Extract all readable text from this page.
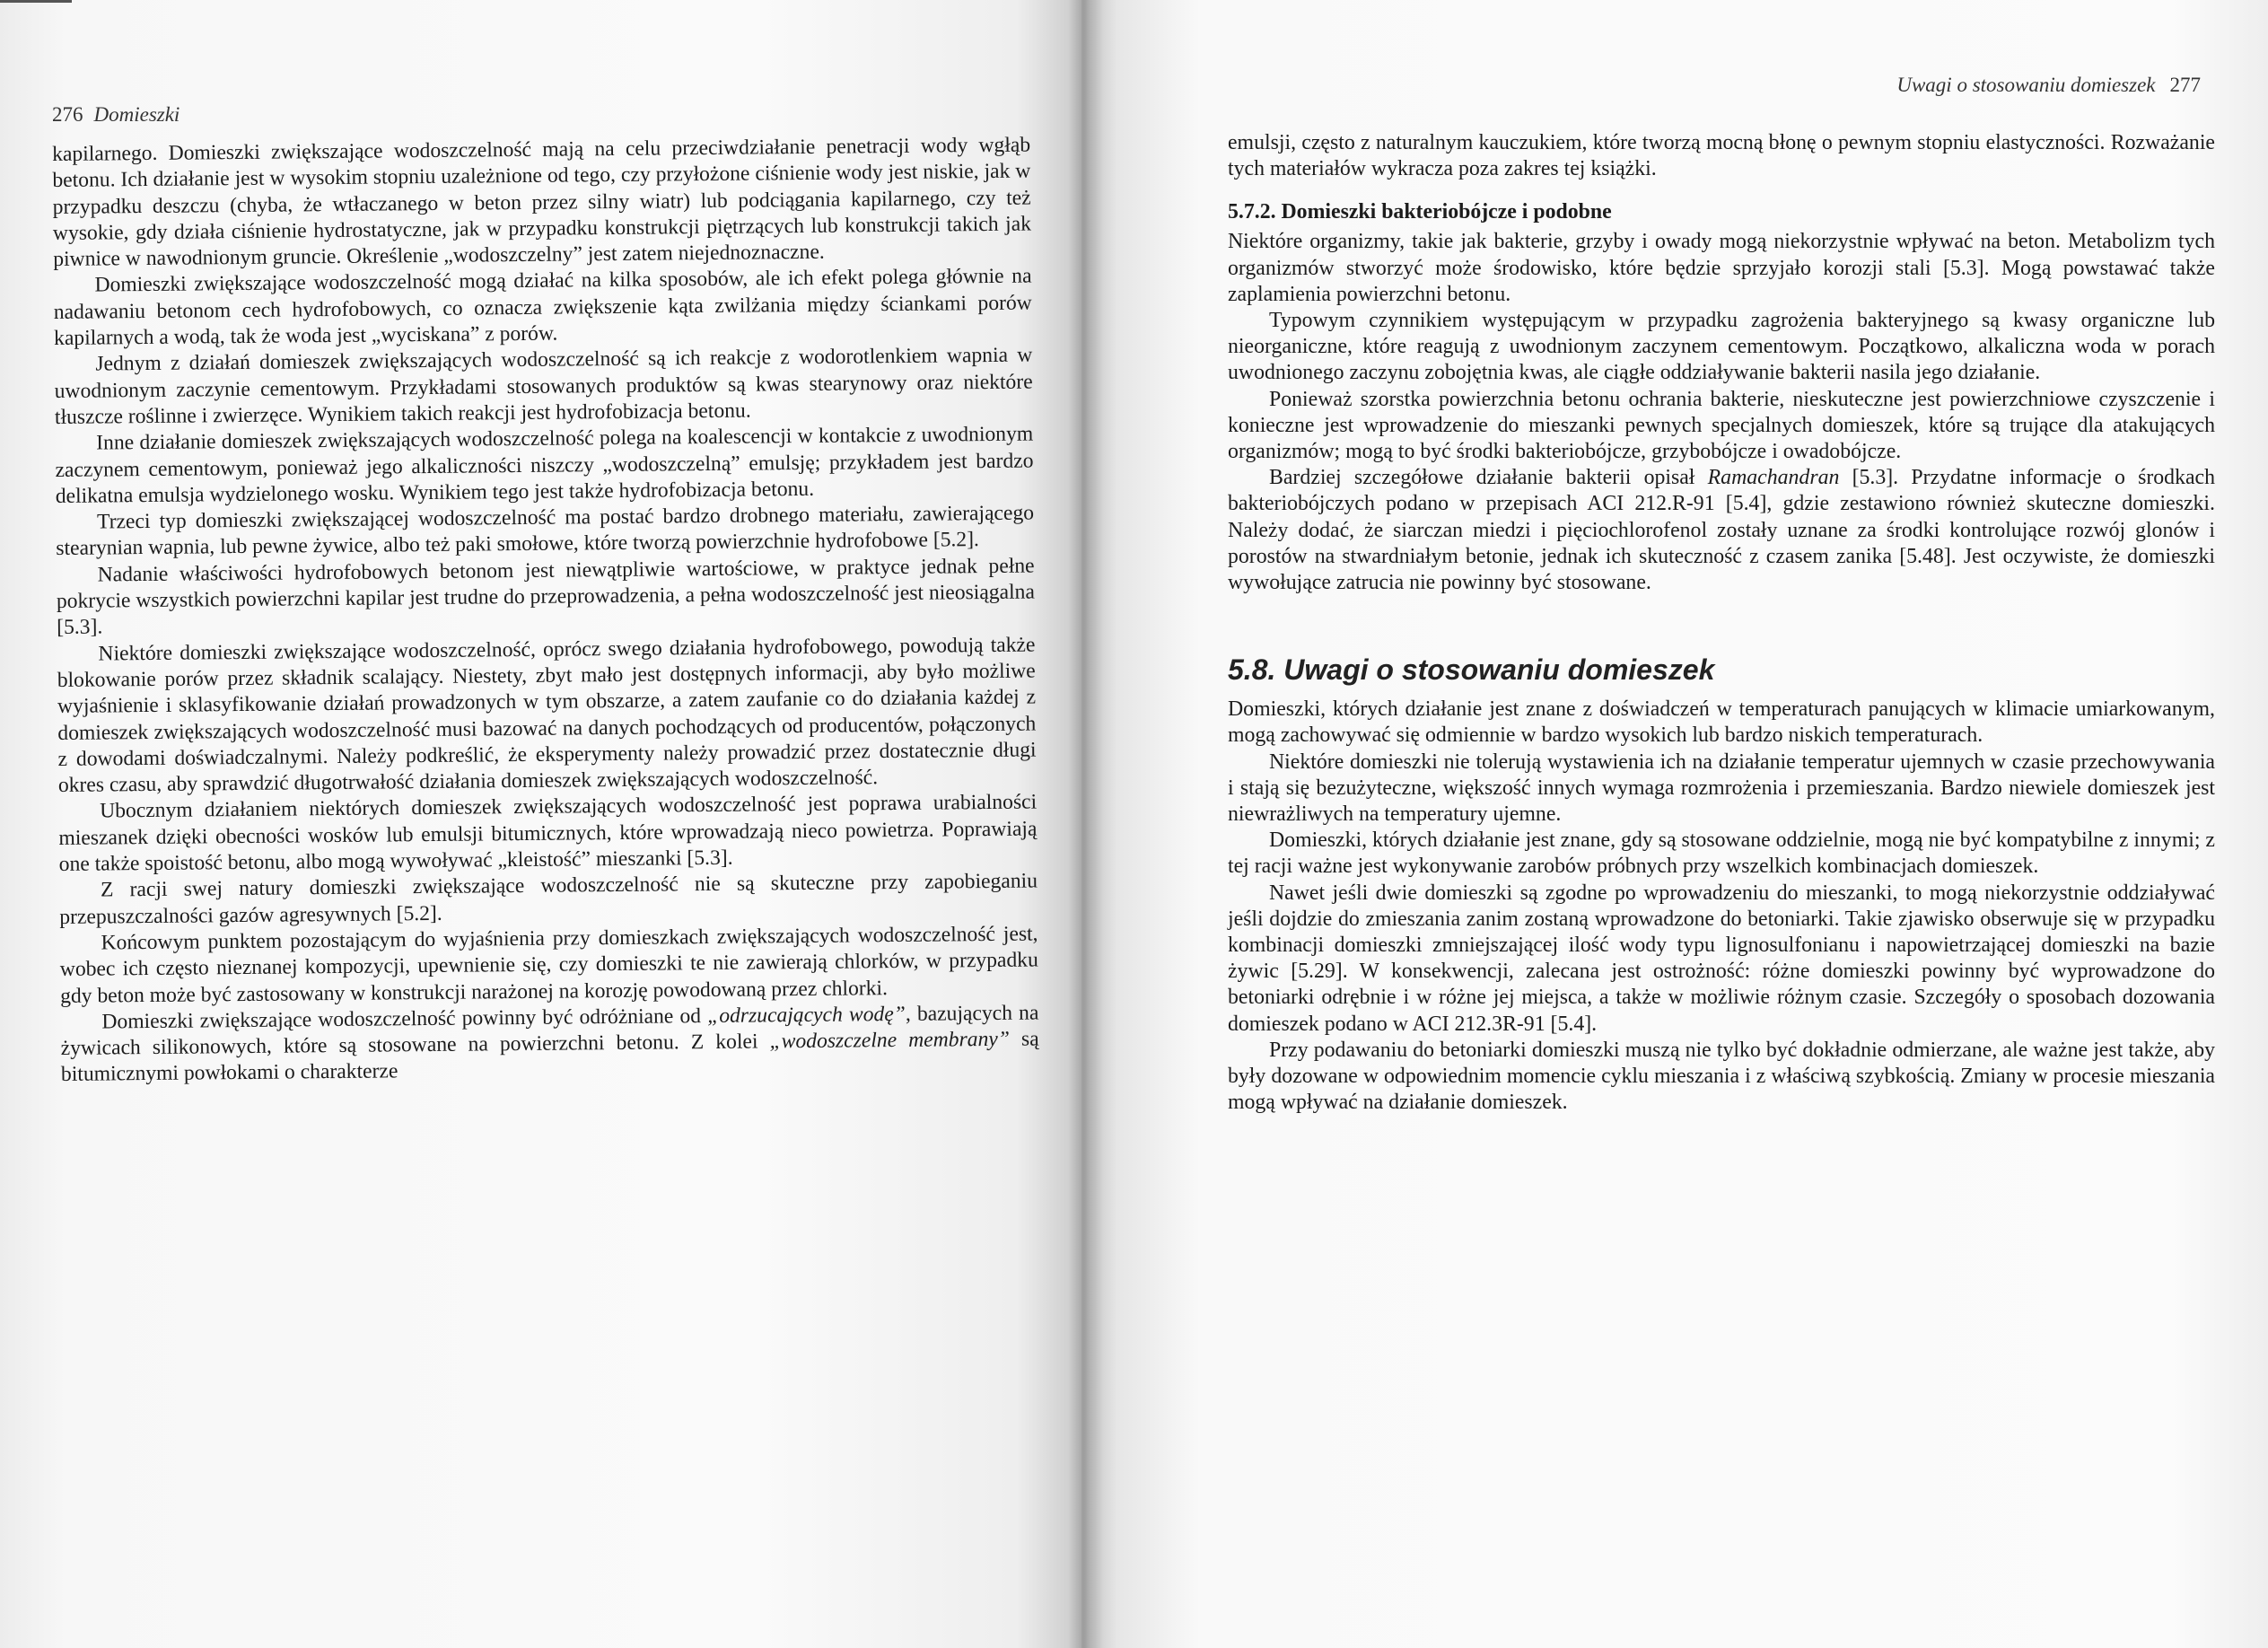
276 Domieszki

kapilarnego. Domieszki zwiększające wodoszczelność mają na celu przeciwdziałanie penetracji wody wgłąb betonu. Ich działanie jest w wysokim stopniu uzależnione od tego, czy przyłożone ciśnienie wody jest niskie, jak w przypadku deszczu (chyba, że wtłaczanego w beton przez silny wiatr) lub podciągania kapilarnego, czy też wysokie, gdy działa ciśnienie hydrostatyczne, jak w przypadku konstrukcji piętrzących lub konstrukcji takich jak piwnice w nawodnionym gruncie. Określenie „wodoszczelny” jest zatem niejednoznaczne.

Domieszki zwiększające wodoszczelność mogą działać na kilka sposobów, ale ich efekt polega głównie na nadawaniu betonom cech hydrofobowych, co oznacza zwiększenie kąta zwilżania między ściankami porów kapilarnych a wodą, tak że woda jest „wyciskana” z porów.

Jednym z działań domieszek zwiększających wodoszczelność są ich reakcje z wodorotlenkiem wapnia w uwodnionym zaczynie cementowym. Przykładami stosowanych produktów są kwas stearynowy oraz niektóre tłuszcze roślinne i zwierzęce. Wynikiem takich reakcji jest hydrofobizacja betonu.

Inne działanie domieszek zwiększających wodoszczelność polega na koalescencji w kontakcie z uwodnionym zaczynem cementowym, ponieważ jego alkaliczności niszczy „wodoszczelną” emulsję; przykładem jest bardzo delikatna emulsja wydzielonego wosku. Wynikiem tego jest także hydrofobizacja betonu.

Trzeci typ domieszki zwiększającej wodoszczelność ma postać bardzo drobnego materiału, zawierającego stearynian wapnia, lub pewne żywice, albo też paki smołowe, które tworzą powierzchnie hydrofobowe [5.2].

Nadanie właściwości hydrofobowych betonom jest niewątpliwie wartościowe, w praktyce jednak pełne pokrycie wszystkich powierzchni kapilar jest trudne do przeprowadzenia, a pełna wodoszczelność jest nieosiągalna [5.3].

Niektóre domieszki zwiększające wodoszczelność, oprócz swego działania hydrofobowego, powodują także blokowanie porów przez składnik scalający. Niestety, zbyt mało jest dostępnych informacji, aby było możliwe wyjaśnienie i sklasyfikowanie działań prowadzonych w tym obszarze, a zatem zaufanie co do działania każdej z domieszek zwiększających wodoszczelność musi bazować na danych pochodzących od producentów, połączonych z dowodami doświadczalnymi. Należy podkreślić, że eksperymenty należy prowadzić przez dostatecznie długi okres czasu, aby sprawdzić długotrwałość działania domieszek zwiększających wodoszczelność.

Ubocznym działaniem niektórych domieszek zwiększających wodoszczelność jest poprawa urabialności mieszanek dzięki obecności wosków lub emulsji bitumicznych, które wprowadzają nieco powietrza. Poprawiają one także spoistość betonu, albo mogą wywoływać „kleistość” mieszanki [5.3].

Z racji swej natury domieszki zwiększające wodoszczelność nie są skuteczne przy zapobieganiu przepuszczalności gazów agresywnych [5.2].

Końcowym punktem pozostającym do wyjaśnienia przy domieszkach zwiększających wodoszczelność jest, wobec ich często nieznanej kompozycji, upewnienie się, czy domieszki te nie zawierają chlorków, w przypadku gdy beton może być zastosowany w konstrukcji narażonej na korozję powodowaną przez chlorki.

Domieszki zwiększające wodoszczelność powinny być odróżniane od „odrzucających wodę”, bazujących na żywicach silikonowych, które są stosowane na powierzchni betonu. Z kolei „wodoszczelne membrany” są bitumicznymi powłokami o charakterze

Uwagi o stosowaniu domieszek 277

emulsji, często z naturalnym kauczukiem, które tworzą mocną błonę o pewnym stopniu elastyczności. Rozważanie tych materiałów wykracza poza zakres tej książki.

5.7.2. Domieszki bakteriobójcze i podobne

Niektóre organizmy, takie jak bakterie, grzyby i owady mogą niekorzystnie wpływać na beton. Metabolizm tych organizmów stworzyć może środowisko, które będzie sprzyjało korozji stali [5.3]. Mogą powstawać także zaplamienia powierzchni betonu.

Typowym czynnikiem występującym w przypadku zagrożenia bakteryjnego są kwasy organiczne lub nieorganiczne, które reagują z uwodnionym zaczynem cementowym. Początkowo, alkaliczna woda w porach uwodnionego zaczynu zobojętnia kwas, ale ciągłe oddziaływanie bakterii nasila jego działanie.

Ponieważ szorstka powierzchnia betonu ochrania bakterie, nieskuteczne jest powierzchniowe czyszczenie i konieczne jest wprowadzenie do mieszanki pewnych specjalnych domieszek, które są trujące dla atakujących organizmów; mogą to być środki bakteriobójcze, grzybobójcze i owadobójcze.

Bardziej szczegółowe działanie bakterii opisał Ramachandran [5.3]. Przydatne informacje o środkach bakteriobójczych podano w przepisach ACI 212.R-91 [5.4], gdzie zestawiono również skuteczne domieszki. Należy dodać, że siarczan miedzi i pięciochlorofenol zostały uznane za środki kontrolujące rozwój glonów i porostów na stwardniałym betonie, jednak ich skuteczność z czasem zanika [5.48]. Jest oczywiste, że domieszki wywołujące zatrucia nie powinny być stosowane.

5.8. Uwagi o stosowaniu domieszek

Domieszki, których działanie jest znane z doświadczeń w temperaturach panujących w klimacie umiarkowanym, mogą zachowywać się odmiennie w bardzo wysokich lub bardzo niskich temperaturach.

Niektóre domieszki nie tolerują wystawienia ich na działanie temperatur ujemnych w czasie przechowywania i stają się bezużyteczne, większość innych wymaga rozmrożenia i przemieszania. Bardzo niewiele domieszek jest niewrażliwych na temperatury ujemne.

Domieszki, których działanie jest znane, gdy są stosowane oddzielnie, mogą nie być kompatybilne z innymi; z tej racji ważne jest wykonywanie zarobów próbnych przy wszelkich kombinacjach domieszek.

Nawet jeśli dwie domieszki są zgodne po wprowadzeniu do mieszanki, to mogą niekorzystnie oddziaływać jeśli dojdzie do zmieszania zanim zostaną wprowadzone do betoniarki. Takie zjawisko obserwuje się w przypadku kombinacji domieszki zmniejszającej ilość wody typu lignosulfonianu i napowietrzającej domieszki na bazie żywic [5.29]. W konsekwencji, zalecana jest ostrożność: różne domieszki powinny być wyprowadzone do betoniarki odrębnie i w różne jej miejsca, a także w możliwie różnym czasie. Szczegóły o sposobach dozowania domieszek podano w ACI 212.3R-91 [5.4].

Przy podawaniu do betoniarki domieszki muszą nie tylko być dokładnie odmierzane, ale ważne jest także, aby były dozowane w odpowiednim momencie cyklu mieszania i z właściwą szybkością. Zmiany w procesie mieszania mogą wpływać na działanie domieszek.
